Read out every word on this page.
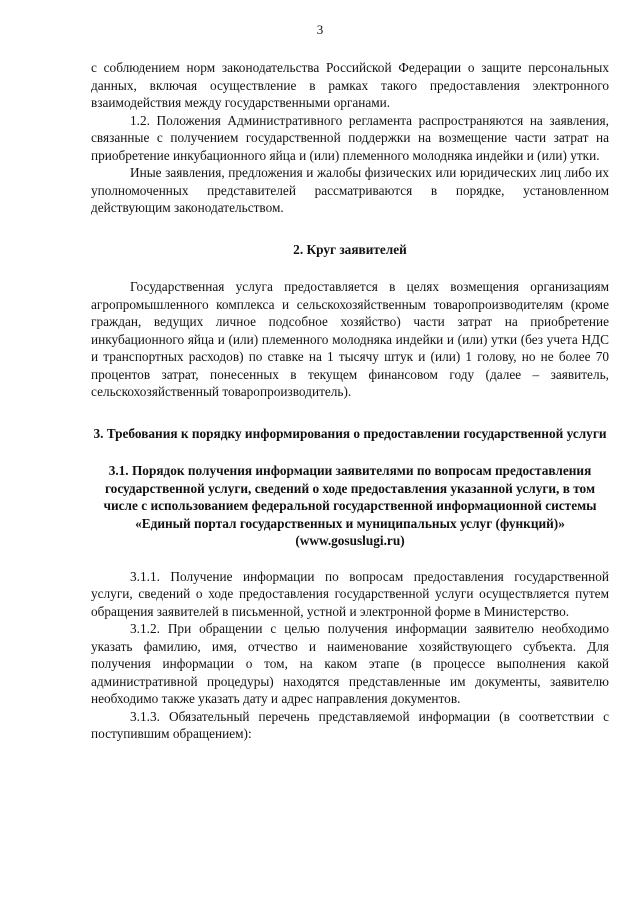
3

с соблюдением норм законодательства Российской Федерации о защите персональных данных, включая осуществление в рамках такого предоставления электронного взаимодействия между государственными органами.

1.2. Положения Административного регламента распространяются на заявления, связанные с получением государственной поддержки на возмещение части затрат на приобретение инкубационного яйца и (или) племенного молодняка индейки и (или) утки.

Иные заявления, предложения и жалобы физических или юридических лиц либо их уполномоченных представителей рассматриваются в порядке, установленном действующим законодательством.

2. Круг заявителей

Государственная услуга предоставляется в целях возмещения организациям агропромышленного комплекса и сельскохозяйственным товаропроизводителям (кроме граждан, ведущих личное подсобное хозяйство) части затрат на приобретение инкубационного яйца и (или) племенного молодняка индейки и (или) утки (без учета НДС и транспортных расходов) по ставке на 1 тысячу штук и (или) 1 голову, но не более 70 процентов затрат, понесенных в текущем финансовом году (далее – заявитель, сельскохозяйственный товаропроизводитель).

3. Требования к порядку информирования о предоставлении государственной услуги

3.1. Порядок получения информации заявителями по вопросам предоставления государственной услуги, сведений о ходе предоставления указанной услуги, в том числе с использованием федеральной государственной информационной системы «Единый портал государственных и муниципальных услуг (функций)» (www.gosuslugi.ru)

3.1.1. Получение информации по вопросам предоставления государственной услуги, сведений о ходе предоставления государственной услуги осуществляется путем обращения заявителей в письменной, устной и электронной форме в Министерство.

3.1.2. При обращении с целью получения информации заявителю необходимо указать фамилию, имя, отчество и наименование хозяйствующего субъекта. Для получения информации о том, на каком этапе (в процессе выполнения какой административной процедуры) находятся представленные им документы, заявителю необходимо также указать дату и адрес направления документов.

3.1.3. Обязательный перечень представляемой информации (в соответствии с поступившим обращением):
